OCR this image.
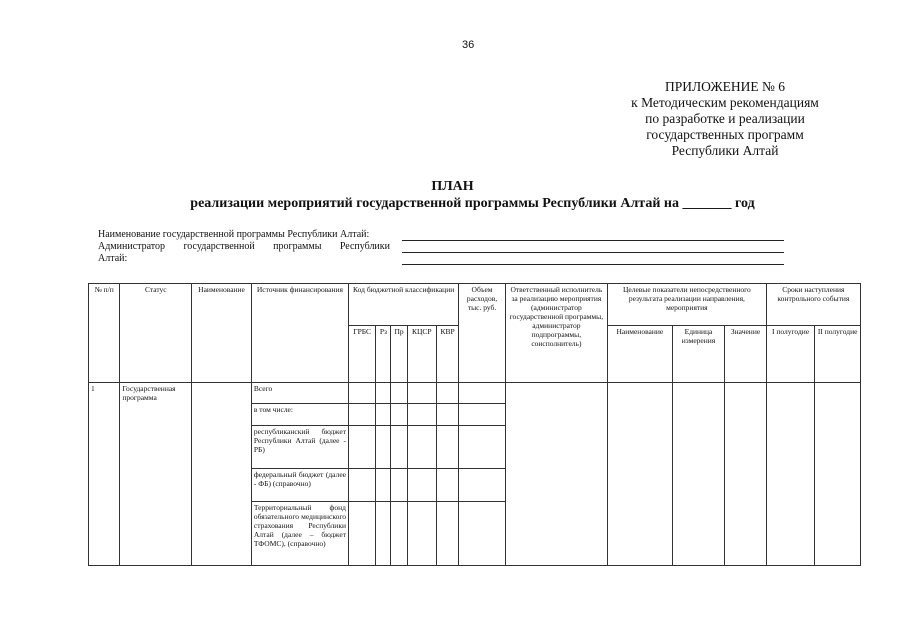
36
ПРИЛОЖЕНИЕ № 6
к Методическим рекомендациям
по разработке и реализации
государственных программ
Республики Алтай
ПЛАН
реализации мероприятий государственной программы Республики Алтай на _______ год
Наименование государственной программы Республики Алтай:
Администратор государственной программы Республики
Алтай:
№ п/п	Статус	Наименование	Источник финансирования	Код бюджетной классификации					Объем расходов, тыс. руб.	Ответственный исполнитель за реализацию мероприятия (администратор государственной программы, администратор подпрограммы, соисполнитель)	Целевые показатели непосредственного результата реализации направления, мероприятия			Сроки наступления контрольного события	
				ГРБС	Рз	Пр	КЦСР	КВР			Наименование	Единица измерения	Значение	I полугодие	II полугодие
1	Государственная программа		Всего												
			в том числе:												
			республиканский бюджет Республики Алтай (далее - РБ)												
			федеральный бюджет (далее - ФБ) (справочно)												
			Территориальный фонд обязательного медицинского страхования Республики Алтай (далее – бюджет ТФОМС), (справочно)												
